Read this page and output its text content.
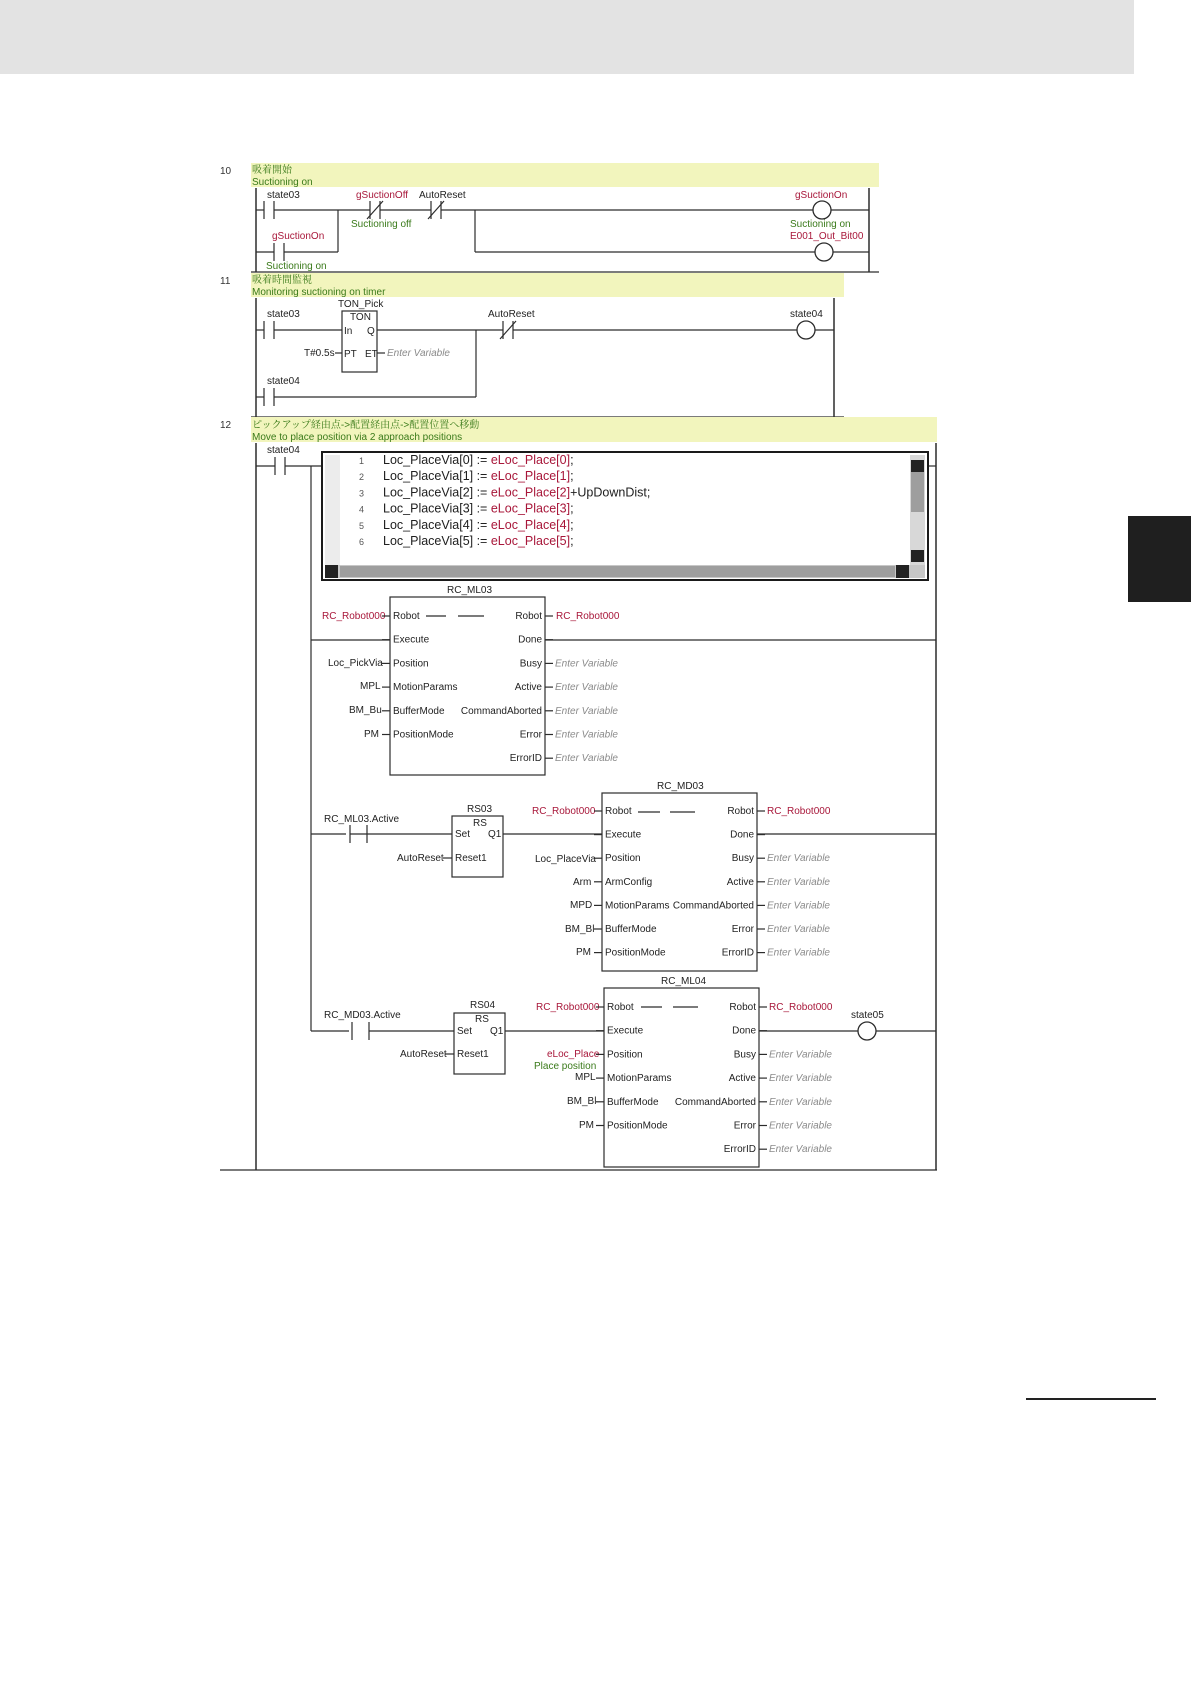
10 吸着開始
Suctioning on
state03	gSuctionOff
Suctioning off
AutoReset	gSuctionOn
gSuctionOn
Suctioning on
Suctioning on
E001_Out_Bit00
11 吸着時間監視
Monitoring suctioning on timer
state03
TON_Pick
TON
In Q
PT ET
T#0.5s	Enter Variable
AutoReset	state04
state04
12 ピックアップ経由点->配置経由点->配置位置へ移動
Move to place position via 2 approach positions
state04
1 Loc_PlaceVia[0] := eLoc_Place[0];
2 Loc_PlaceVia[1] := eLoc_Place[1];
3 Loc_PlaceVia[2] := eLoc_Place[2]+UpDownDist;
4 Loc_PlaceVia[3] := eLoc_Place[3];
5 Loc_PlaceVia[4] := eLoc_Place[4];
6 Loc_PlaceVia[5] := eLoc_Place[5];
RC_ML03
RC_Robot000
Loc_PickVia
MPL
BM_Bu
PM
RC_Robot000
Robot
Execute
Position
MotionParams
BufferMode
PositionMode
Robot
Done
Busy Enter Variable
Active Enter Variable
CommandAborted Enter Variable
Error Enter Variable
ErrorID Enter Variable
RC_ML03.Active
RS03
RS
Set Q1
Reset1
AutoReset
RC_MD03
RC_Robot000
Loc_PlaceVia
Arm
MPD
BM_Bl
PM
RC_Robot000
Robot
Execute
Position
ArmConfig
MotionParams
BufferMode
PositionMode
Robot
Done
Busy Enter Variable
Active Enter Variable
CommandAborted Enter Variable
Error Enter Variable
ErrorID Enter Variable
RC_MD03.Active
RS04
RS
Set Q1
Reset1
AutoReset
RC_ML04
RC_Robot000
eLoc_Place
Place position
MPL
BM_Bl
PM
RC_Robot000
Robot
Execute
Position
MotionParams
BufferMode
PositionMode
Robot
Done
Busy Enter Variable
Active Enter Variable
CommandAborted Enter Variable
Error Enter Variable
ErrorID Enter Variable
state05
